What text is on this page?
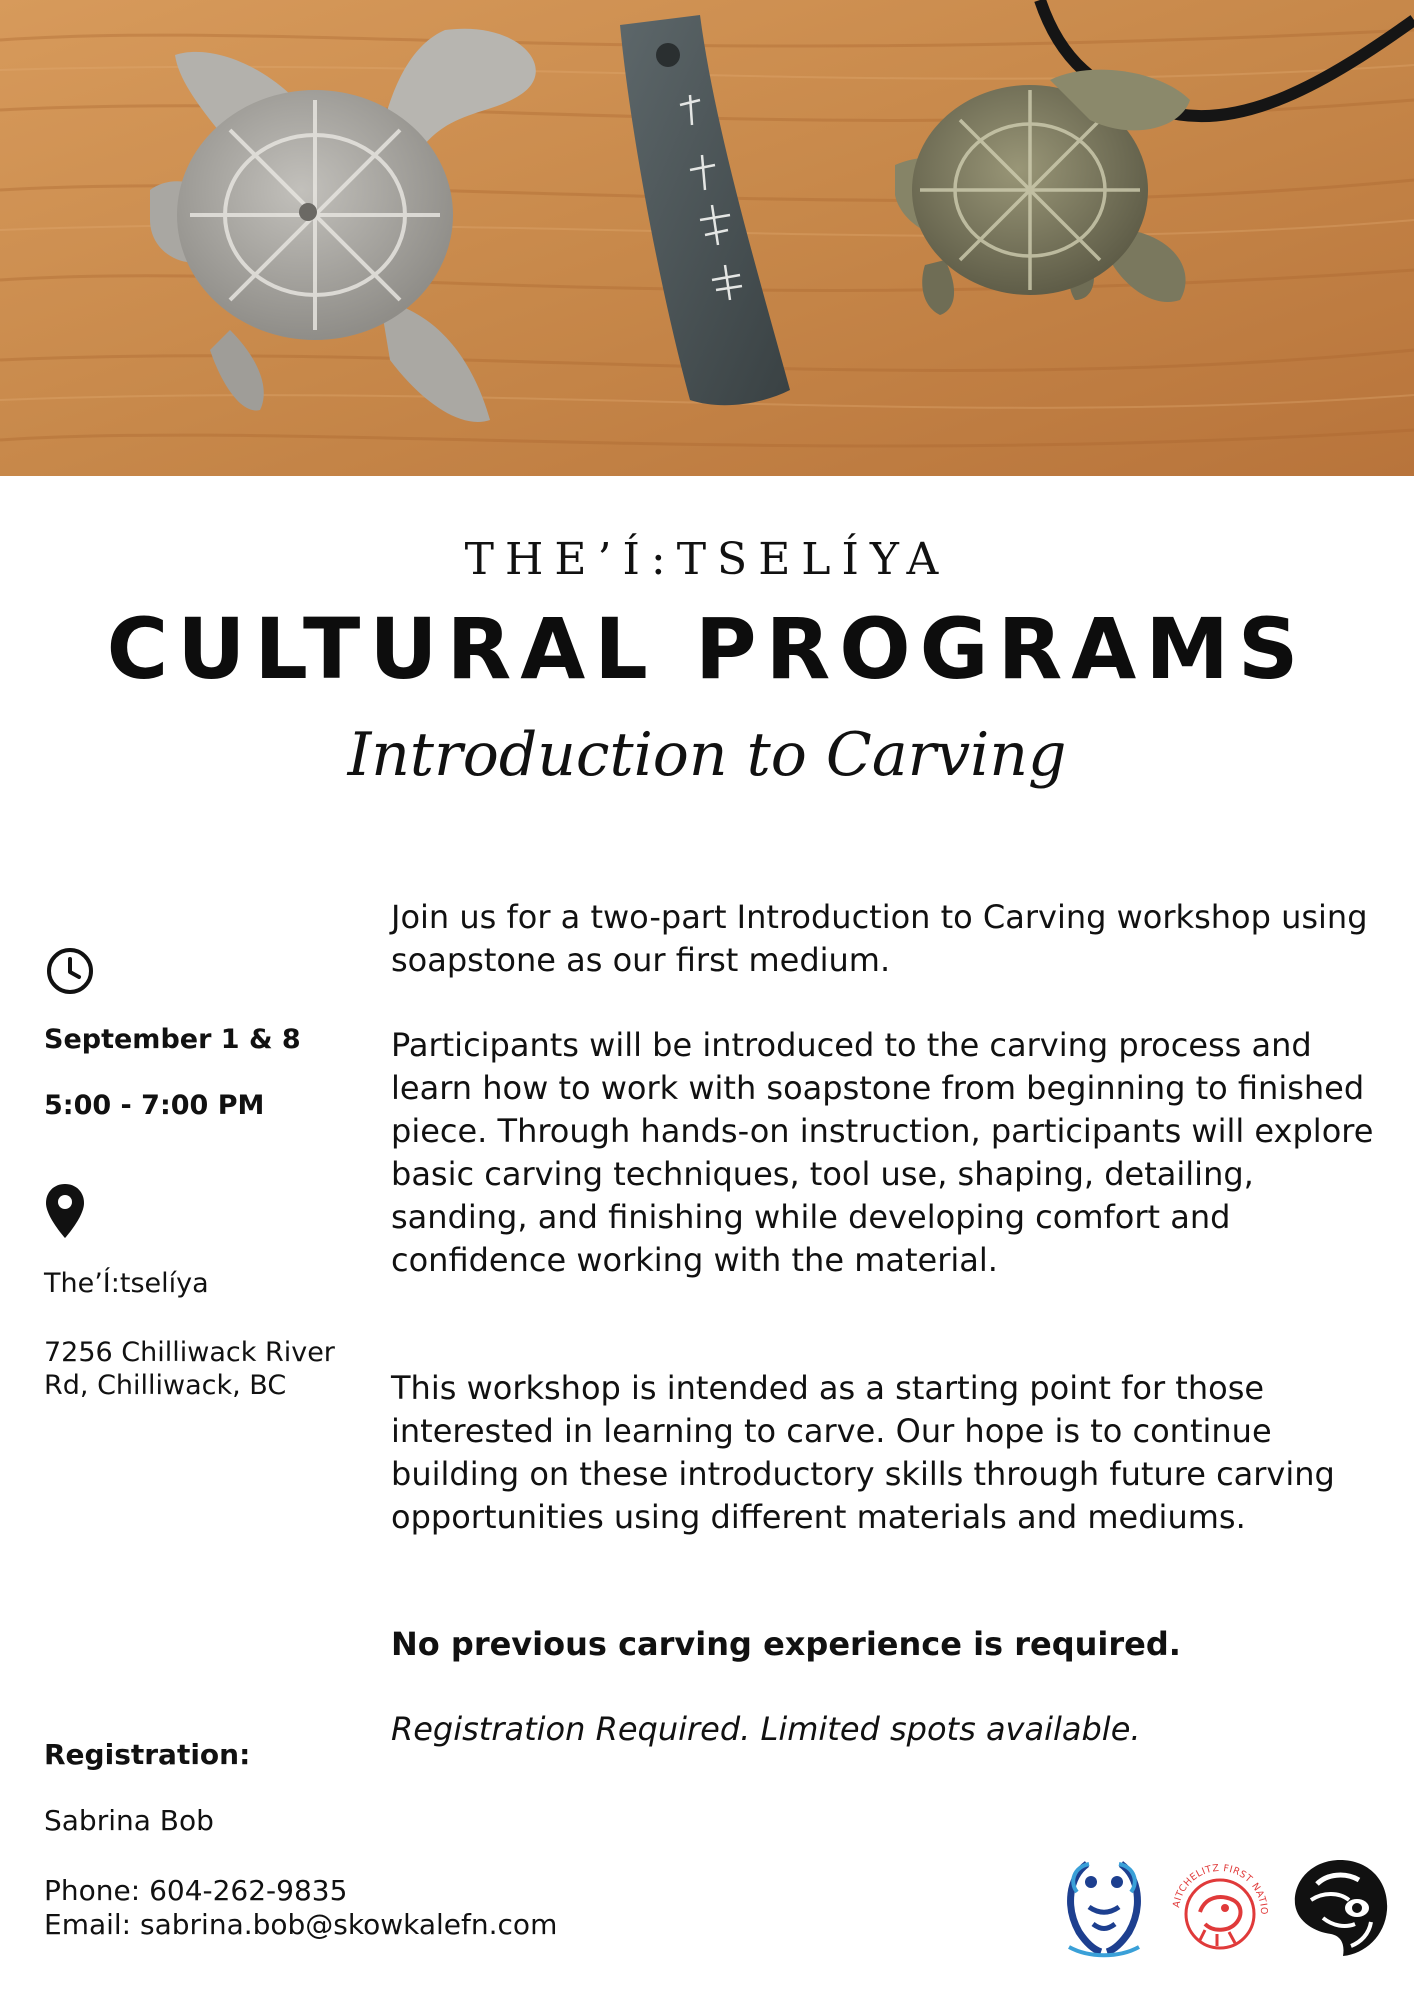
THE’Í:TSELÍYA
CULTURAL PROGRAMS
Introduction to Carving
September 1 & 8
5:00 - 7:00 PM
The’Í:tselíya
7256 Chilliwack River
Rd, Chilliwack, BC
Registration:
Sabrina Bob
Phone: 604-262-9835
Email: sabrina.bob@skowkalefn.com

Join us for a two-part Introduction to Carving workshop using soapstone as our first medium.

Participants will be introduced to the carving process and learn how to work with soapstone from beginning to finished piece. Through hands-on instruction, participants will explore basic carving techniques, tool use, shaping, detailing, sanding, and finishing while developing comfort and confidence working with the material.

This workshop is intended as a starting point for those interested in learning to carve. Our hope is to continue building on these introductory skills through future carving opportunities using different materials and mediums.

No previous carving experience is required.

Registration Required. Limited spots available.

AITCHELITZ FIRST NATIO
